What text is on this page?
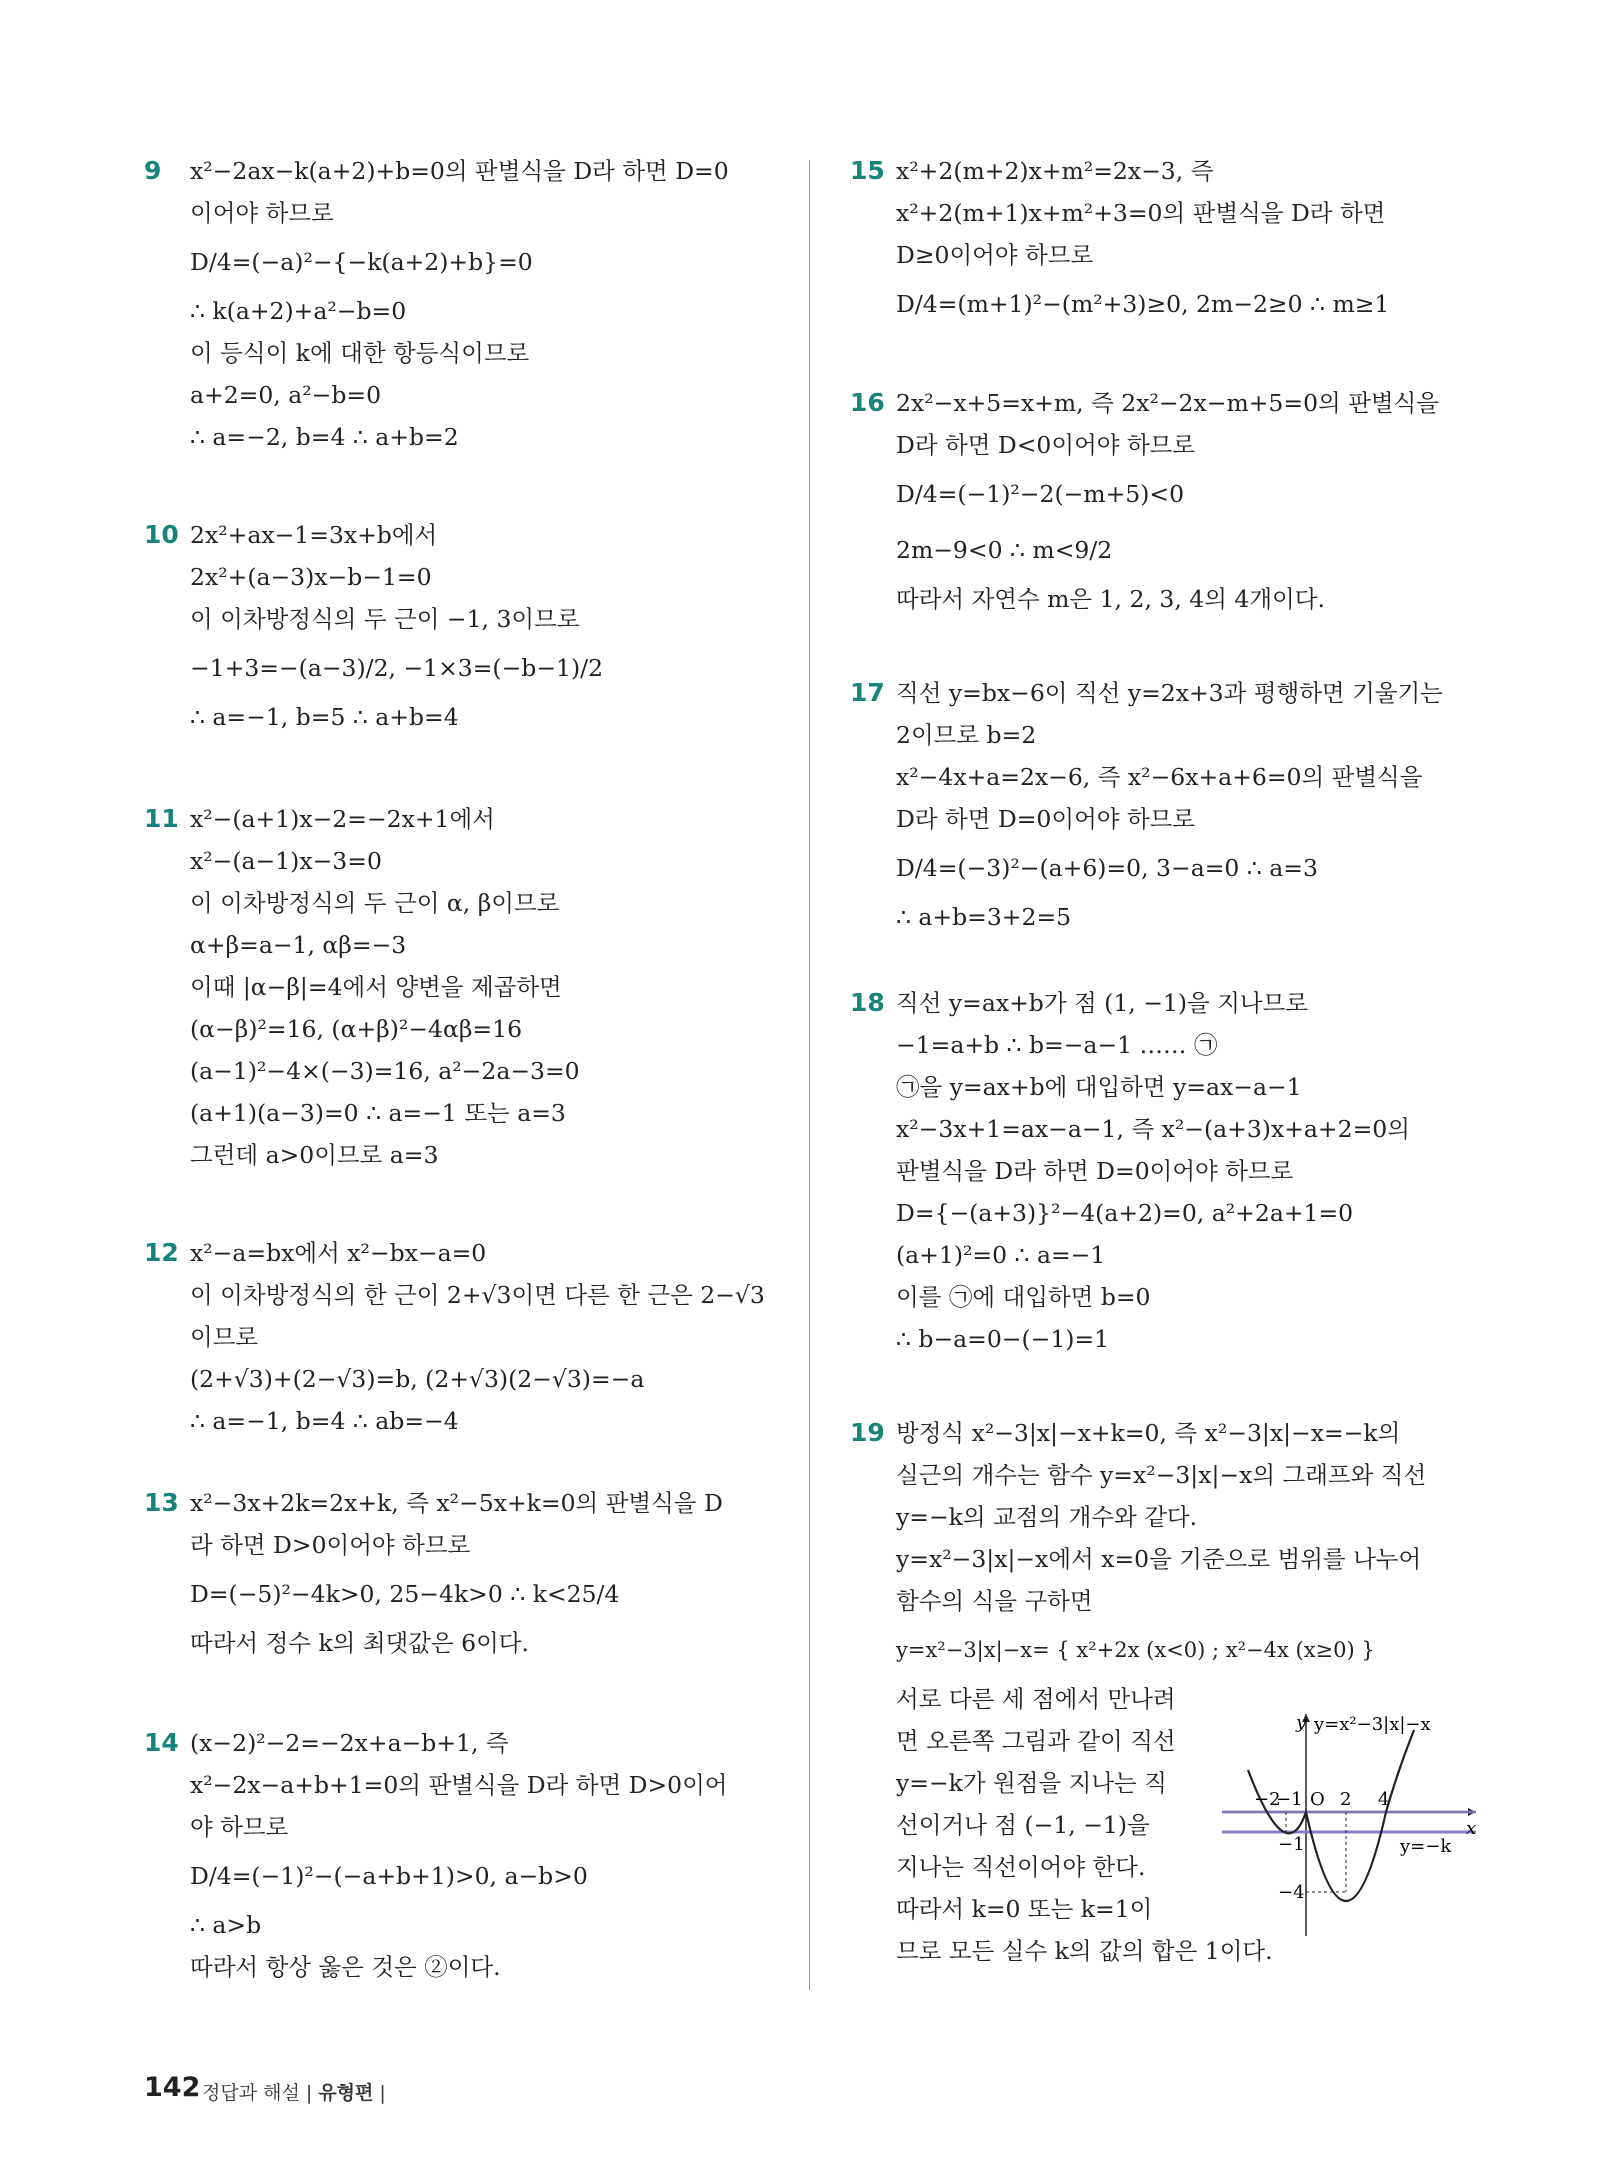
9 x²−2ax−k(a+2)+b=0의 판별식을 D라 하면 D=0
이어야 하므로
D/4=(−a)²−{−k(a+2)+b}=0
∴ k(a+2)+a²−b=0
이 등식이 k에 대한 항등식이므로
a+2=0, a²−b=0
∴ a=−2, b=4 ∴ a+b=2
10 2x²+ax−1=3x+b에서
2x²+(a−3)x−b−1=0
이 이차방정식의 두 근이 −1, 3이므로
−1+3=−(a−3)/2, −1×3=(−b−1)/2
∴ a=−1, b=5 ∴ a+b=4
11 x²−(a+1)x−2=−2x+1에서
x²−(a−1)x−3=0
이 이차방정식의 두 근이 α, β이므로
α+β=a−1, αβ=−3
이때 |α−β|=4에서 양변을 제곱하면
(α−β)²=16, (α+β)²−4αβ=16
(a−1)²−4×(−3)=16, a²−2a−3=0
(a+1)(a−3)=0 ∴ a=−1 또는 a=3
그런데 a>0이므로 a=3
12 x²−a=bx에서 x²−bx−a=0
이 이차방정식의 한 근이 2+√3이면 다른 한 근은 2−√3
이므로
(2+√3)+(2−√3)=b, (2+√3)(2−√3)=−a
∴ a=−1, b=4 ∴ ab=−4
13 x²−3x+2k=2x+k, 즉 x²−5x+k=0의 판별식을 D
라 하면 D>0이어야 하므로
D=(−5)²−4k>0, 25−4k>0 ∴ k<25/4
따라서 정수 k의 최댓값은 6이다.
14 (x−2)²−2=−2x+a−b+1, 즉
x²−2x−a+b+1=0의 판별식을 D라 하면 D>0이어
야 하므로
D/4=(−1)²−(−a+b+1)>0, a−b>0
∴ a>b
따라서 항상 옳은 것은 ②이다.
15 x²+2(m+2)x+m²=2x−3, 즉
x²+2(m+1)x+m²+3=0의 판별식을 D라 하면
D≥0이어야 하므로
D/4=(m+1)²−(m²+3)≥0, 2m−2≥0 ∴ m≥1
16 2x²−x+5=x+m, 즉 2x²−2x−m+5=0의 판별식을
D라 하면 D<0이어야 하므로
D/4=(−1)²−2(−m+5)<0
2m−9<0 ∴ m<9/2
따라서 자연수 m은 1, 2, 3, 4의 4개이다.
17 직선 y=bx−6이 직선 y=2x+3과 평행하면 기울기는
2이므로 b=2
x²−4x+a=2x−6, 즉 x²−6x+a+6=0의 판별식을
D라 하면 D=0이어야 하므로
D/4=(−3)²−(a+6)=0, 3−a=0 ∴ a=3
∴ a+b=3+2=5
18 직선 y=ax+b가 점 (1, −1)을 지나므로
−1=a+b ∴ b=−a−1 …… ㉠
㉠을 y=ax+b에 대입하면 y=ax−a−1
x²−3x+1=ax−a−1, 즉 x²−(a+3)x+a+2=0의
판별식을 D라 하면 D=0이어야 하므로
D={−(a+3)}²−4(a+2)=0, a²+2a+1=0
(a+1)²=0 ∴ a=−1
이를 ㉠에 대입하면 b=0
∴ b−a=0−(−1)=1
19 방정식 x²−3|x|−x+k=0, 즉 x²−3|x|−x=−k의
실근의 개수는 함수 y=x²−3|x|−x의 그래프와 직선
y=−k의 교점의 개수와 같다.
y=x²−3|x|−x에서 x=0을 기준으로 범위를 나누어
함수의 식을 구하면
y=x²−3|x|−x= { x²+2x (x<0) ; x²−4x (x≥0) }
서로 다른 세 점에서 만나려
면 오른쪽 그림과 같이 직선
y=−k가 원점을 지나는 직
선이거나 점 (−1, −1)을
지나는 직선이어야 한다.
따라서 k=0 또는 k=1이
므로 모든 실수 k의 값의 합은 1이다.
y y=x²−3|x|−x
x
O
−2
−1 2 4
−1
−4
y=−k
142 정답과 해설 | 유형편 |
